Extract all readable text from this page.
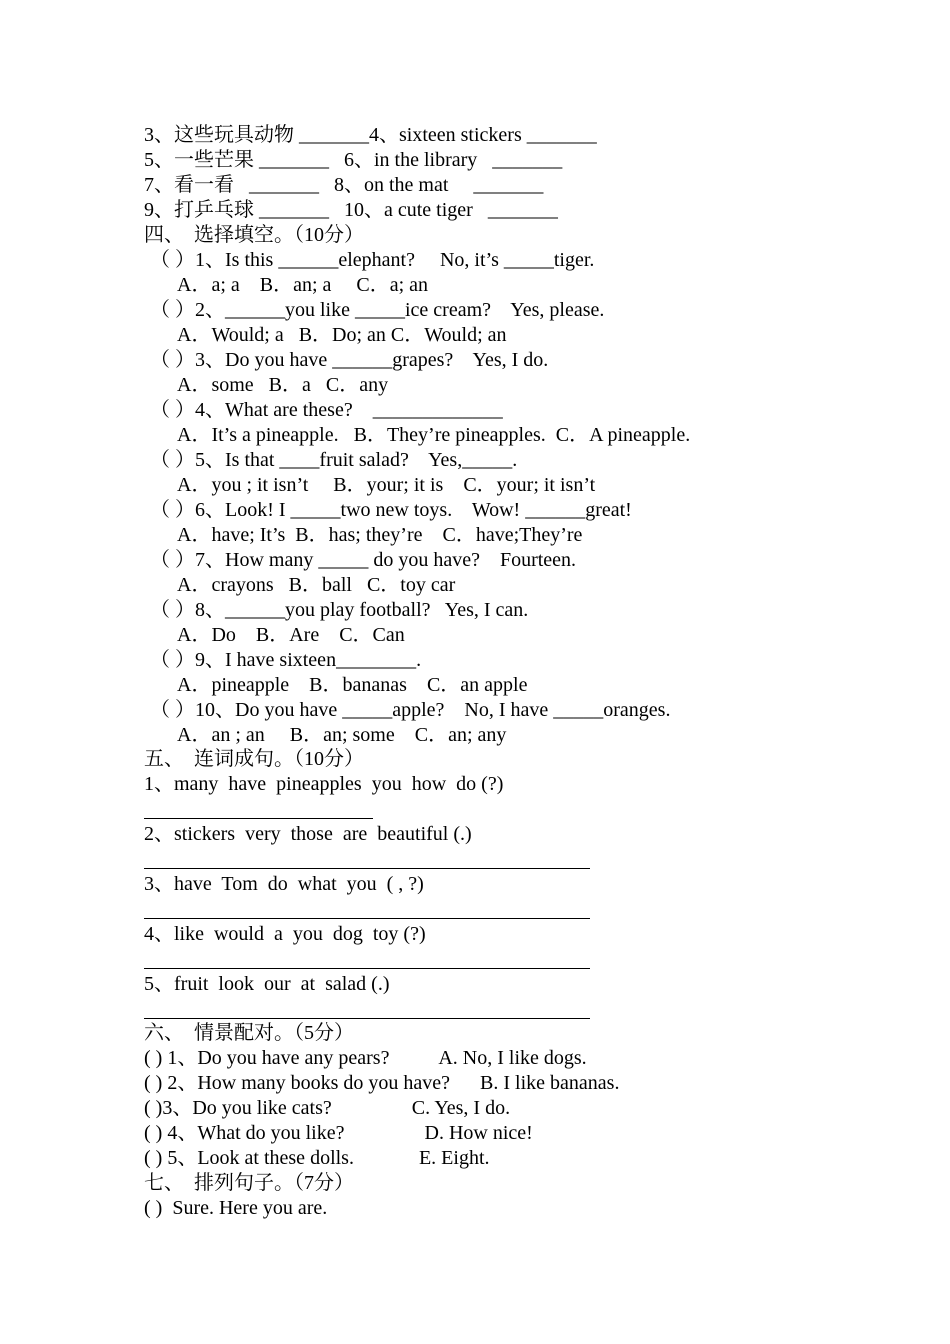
3、这些玩具动物 _______4、sixteen stickers _______
5、一些芒果 _______   6、in the library   _______
7、看一看   _______   8、on the mat     _______
9、打乒乓球 _______   10、a cute tiger   _______
四、  选择填空。（10分）
（ ）1、Is this ______elephant?     No, it’s _____tiger.
A．a; a    B．an; a     C．a; an
（ ）2、______you like _____ice cream?    Yes, please.
A．Would; a   B．Do; an C．Would; an
（ ）3、Do you have ______grapes?    Yes, I do.
A．some   B．a   C．any
（ ）4、What are these?    _____________
A．It’s a pineapple.   B．They’re pineapples.  C．A pineapple.
（ ）5、Is that ____fruit salad?    Yes,_____.
A．you ; it isn’t     B．your; it is    C．your; it isn’t
（ ）6、Look! I _____two new toys.    Wow! ______great!
A．have; It’s  B．has; they’re    C．have;They’re
（ ）7、How many _____ do you have?    Fourteen.
A．crayons   B．ball   C．toy car
（ ）8、______you play football?   Yes, I can.
A．Do    B．Are    C．Can
（ ）9、I have sixteen________.
A．pineapple    B．bananas    C．an apple
（ ）10、Do you have _____apple?    No, I have _____oranges.
A．an ; an     B．an; some    C．an; any
五、  连词成句。（10分）
1、many  have  pineapples  you  how  do (?)
2、stickers  very  those  are  beautiful (.)
3、have  Tom  do  what  you  ( , ?)
4、like  would  a  you  dog  toy (?)
5、fruit  look  our  at  salad (.)
六、  情景配对。（5分）
( ) 1、Do you have any pears?          A. No, I like dogs.
( ) 2、How many books do you have?      B. I like bananas.
( )3、Do you like cats?                C. Yes, I do.
( ) 4、What do you like?                D. How nice!
( ) 5、Look at these dolls.             E. Eight.
七、  排列句子。（7分）
( )  Sure. Here you are.
